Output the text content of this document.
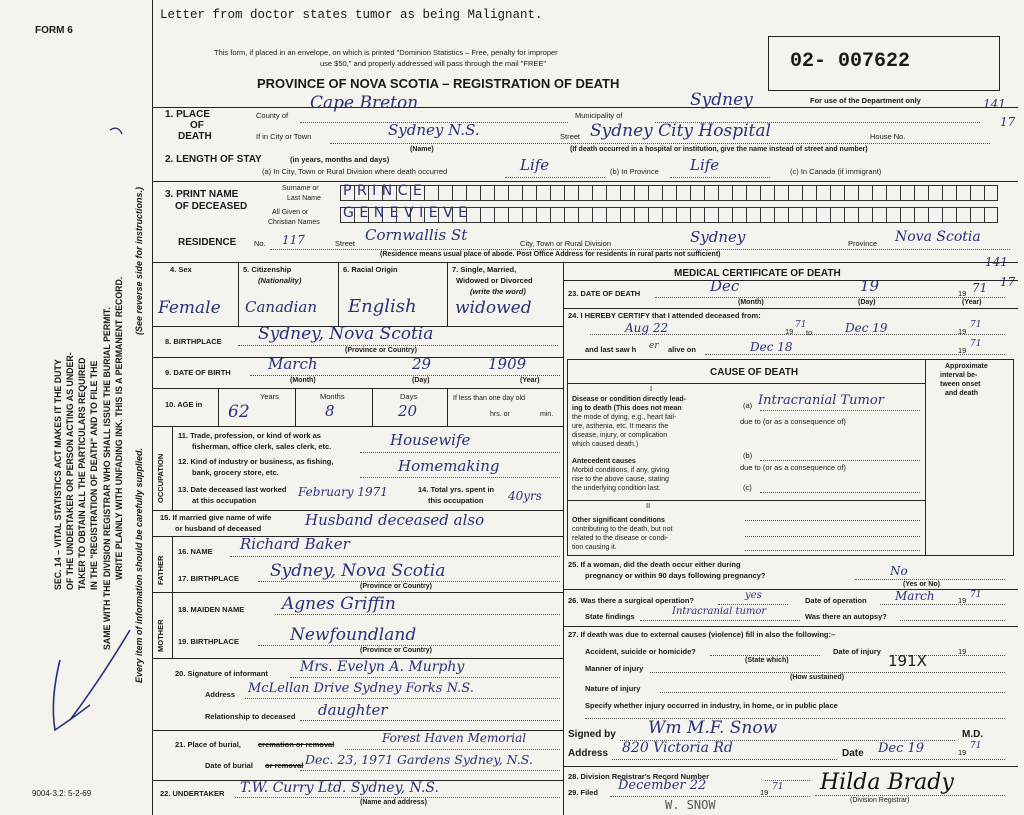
FORM 6
Letter from doctor states tumor as being Malignant.
This form, if placed in an envelope, on which is printed "Dominion Statistics – Free, penalty for improper
use $50," and properly addressed will pass through the mail "FREE"
PROVINCE OF NOVA SCOTIA – REGISTRATION OF DEATH
02- 007622
For use of the Department only	141
17
1. PLACE
OF
DEATH
County of
Cape Breton
Municipality of
Sydney
If in City or Town	Sydney N.S.	Street Sydney City Hospital	House No.
(Name)	(If death occurred in a hospital or institution, give the name instead of street and number)
2. LENGTH OF STAY	(in years, months and days)
(a) In City, Town or Rural Division where death occurred	Life	(b) In Province Life	(c) In Canada (if immigrant)
3. PRINT NAME
OF DECEASED
Surname or
Last Name
All Given or
Christian Names
PRINCE
GENEVIEVE
RESIDENCE No. 117	Street Cornwallis St	City, Town or Rural Division	Sydney	Province Nova Scotia
(Residence means usual place of abode. Post Office Address for residents in rural parts not sufficient)
4. Sex	5. Citizenship
(Nationality)
6. Racial Origin	7. Single, Married,
Widowed or Divorced
(write the word)
Female Canadian English widowed
8. BIRTHPLACE Sydney, Nova Scotia
(Province or Country)
9. DATE OF BIRTH March	29	1909
(Month)	(Day)	(Year)
10. AGE in
Years	Months	Days
62	8	20
If less than one day old
hrs. or	min.
OCCUPATION
11. Trade, profession, or kind of work as
fisherman, office clerk, sales clerk, etc.	Housewife
12. Kind of industry or business, as fishing,
bank, grocery store, etc.	Homemaking
13. Date deceased last worked
at this occupation
February 1971	14. Total yrs. spent in
this occupation 40yrs
15. If married give name of wife
or husband of deceased	Husband deceased also
FATHER
16. NAME Richard Baker
17. BIRTHPLACE Sydney, Nova Scotia
(Province or Country)
MOTHER
18. MAIDEN NAME Agnes Griffin
19. BIRTHPLACE	Newfoundland
(Province or Country)
20. Signature of informant Mrs. Evelyn A. Murphy
Address McLellan Drive Sydney Forks N.S.
Relationship to deceased daughter
21. Place of burial, cremation or removal	Forest Haven Memorial
Date of burial or removal Dec. 23, 1971 Gardens Sydney, N.S.
22. UNDERTAKER T.W. Curry Ltd. Sydney, N.S.
(Name and address)
MEDICAL CERTIFICATE OF DEATH
141
17
23. DATE OF DEATH	Dec	19	19 71
(Month)	(Day)	(Year)
24. I HEREBY CERTIFY that I attended deceased from:
Aug 22	19
71
to	Dec 19	19
71
and last saw h er alive on	Dec 18	19
71
CAUSE OF DEATH
Approximate
interval be-
tween onset
and death
I
Disease or condition directly lead-
ing to death (This does not mean
the mode of dying, e.g., heart fail-
ure, asthenia, etc. It means the
disease, injury, or complication
which caused death.)
(a) Intracranial Tumor
due to (or as a consequence of)
Antecedent causes
Morbid conditions, if any, giving
rise to the above cause, stating
the underlying condition last.
(b)
due to (or as a consequence of)
(c)
II
Other significant conditions
contributing to the death, but not
related to the disease or condi-
tion causing it.
25. If a woman, did the death occur either during
pregnancy or within 90 days following pregnancy?	No
(Yes or No)
26. Was there a surgical operation?	yes	Date of operation March	19
71
State findings	Intracranial tumor	Was there an autopsy?
27. If death was due to external causes (violence) fill in also the following:–
Accident, suicide or homicide?
(State which)
Date of injury	19
Manner of injury	191X
(How sustained)
Nature of injury
Specify whether injury occurred in industry, in home, or in public place
Signed by Wm M.F. Snow	M.D.
Address 820 Victoria Rd	Date Dec 19	19
71
28. Division Registrar's Record Number
29. Filed December 22	19
71 Hilda Brady
(Division Registrar)
W. SNOW
SEC. 14 – VITAL STATISTICS ACT MAKES IT THE DUTY OF THE UNDERTAKER OR PERSON ACTING AS UNDER- TAKER TO OBTAIN ALL THE PARTICULARS REQUIRED IN THE "REGISTRATION OF DEATH" AND TO FILE THE SAME WITH THE DIVISION REGISTRAR WHO SHALL ISSUE THE BURIAL PERMIT. WRITE PLAINLY WITH UNFADING INK. THIS IS A PERMANENT RECORD. Every item of information should be carefully supplied.
(See reverse side for instructions.)
9004-3.2: 5-2-69
